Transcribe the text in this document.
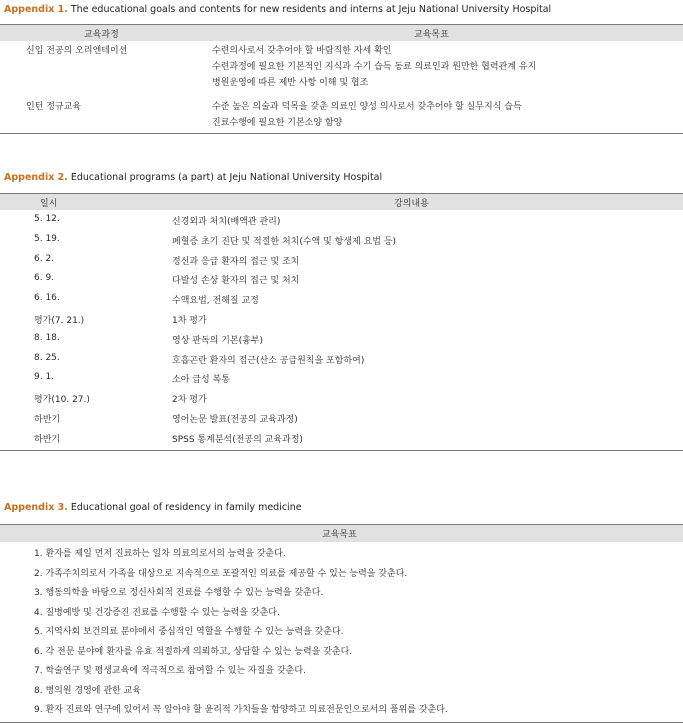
Appendix 1. The educational goals and contents for new residents and interns at Jeju National University Hospital
교육과정	교육목표
신입 전공의 오리엔테이션	수련의사로서 갖추어야 할 바람직한 자세 확인
수련과정에 필요한 기본적인 지식과 수기 습득 동료 의료인과 원만한 협력관계 유지
병원운영에 따른 제반 사항 이해 및 협조
인턴 정규교육	수준 높은 의술과 덕목을 갖춘 의료인 양성 의사로서 갖추어야 할 실무지식 습득
진료수행에 필요한 기본소양 함양
Appendix 2. Educational programs (a part) at Jeju National University Hospital
일시	강의내용
5. 12.	신경외과 처치(배액관 관리)
5. 19.	폐혈증 초기 진단 및 적절한 처치(수액 및 항생제 요법 등)
6. 2.	정신과 응급 환자의 접근 및 조치
6. 9.	다발성 손상 환자의 접근 및 처치
6. 16.	수액요법, 전해질 교정
평가(7. 21.)	1차 평가
8. 18.	영상 판독의 기본(흉부)
8. 25.	호흡곤란 환자의 접근(산소 공급원칙을 포함하여)
9. 1.	소아 급성 복통
평가(10. 27.)	2차 평가
하반기	영어논문 발표(전공의 교육과정)
하반기	SPSS 통계분석(전공의 교육과정)
Appendix 3. Educational goal of residency in family medicine
교육목표
1. 환자를 제일 먼저 진료하는 일차 의료의로서의 능력을 갖춘다.
2. 가족주치의로서 가족을 대상으로 지속적으로 포괄적인 의료를 제공할 수 있는 능력을 갖춘다.
3. 행동의학을 바탕으로 정신사회적 진료를 수행할 수 있는 능력을 갖춘다.
4. 질병예방 및 건강증진 진료를 수행할 수 있는 능력을 갖춘다.
5. 지역사회 보건의료 분야에서 중심적인 역할을 수행할 수 있는 능력을 갖춘다.
6. 각 전문 분야에 환자를 유효 적절하게 의뢰하고, 상담할 수 있는 능력을 갖춘다.
7. 학술연구 및 평생교육에 적극적으로 참여할 수 있는 자질을 갖춘다.
8. 병의원 경영에 관한 교육
9. 환자 진료와 연구에 있어서 꼭 알아야 할 윤리적 가치들을 함양하고 의료전문인으로서의 품위를 갖춘다.
